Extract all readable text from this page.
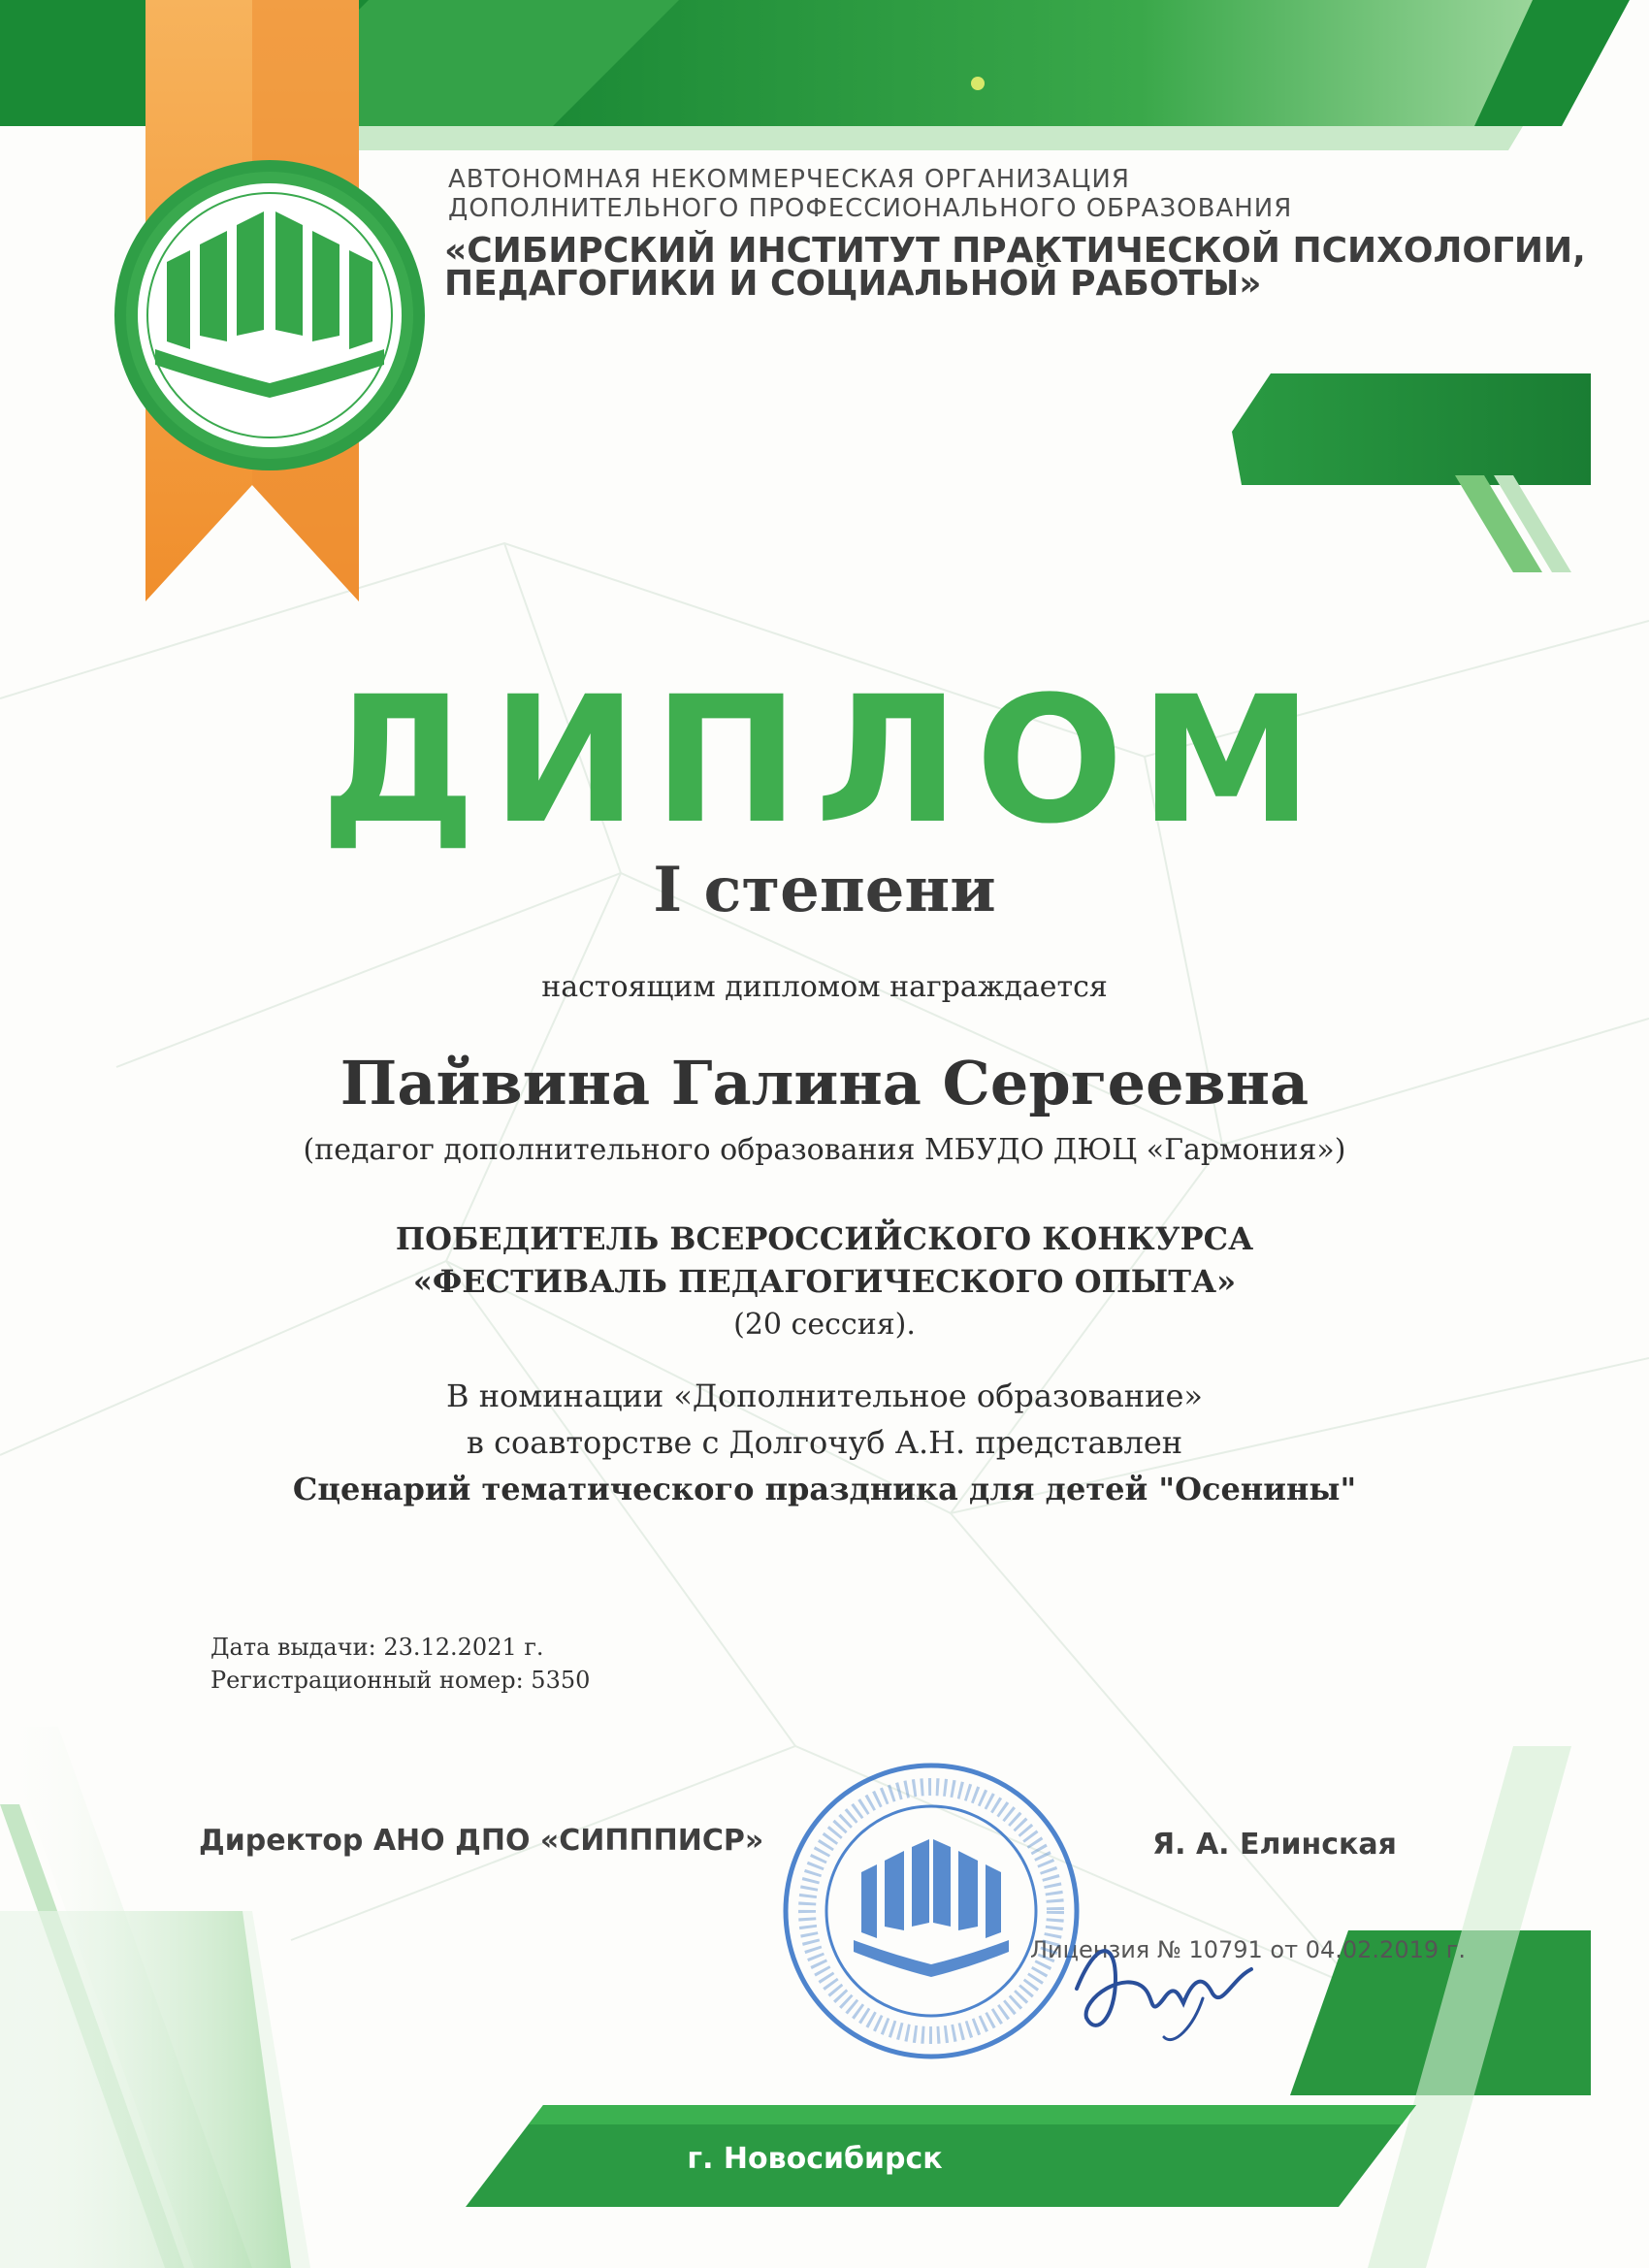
АВТОНОМНАЯ НЕКОММЕРЧЕСКАЯ ОРГАНИЗАЦИЯ
ДОПОЛНИТЕЛЬНОГО ПРОФЕССИОНАЛЬНОГО ОБРАЗОВАНИЯ
«СИБИРСКИЙ ИНСТИТУТ ПРАКТИЧЕСКОЙ ПСИХОЛОГИИ,
ПЕДАГОГИКИ И СОЦИАЛЬНОЙ РАБОТЫ»
ДИПЛОМ
I степени
настоящим дипломом награждается
Пайвина Галина Сергеевна
(педагог дополнительного образования МБУДО ДЮЦ «Гармония»)
ПОБЕДИТЕЛЬ ВСЕРОССИЙСКОГО КОНКУРСА
«ФЕСТИВАЛЬ ПЕДАГОГИЧЕСКОГО ОПЫТА»
(20 сессия).
В номинации «Дополнительное образование»
в соавторстве с Долгочуб А.Н. представлен
Сценарий тематического праздника для детей "Осенины"
Дата выдачи: 23.12.2021 г.
Регистрационный номер: 5350
Директор АНО ДПО «СИПППИСР»	Я. А. Елинская
Лицензия № 10791 от 04.02.2019 г.
г. Новосибирск
